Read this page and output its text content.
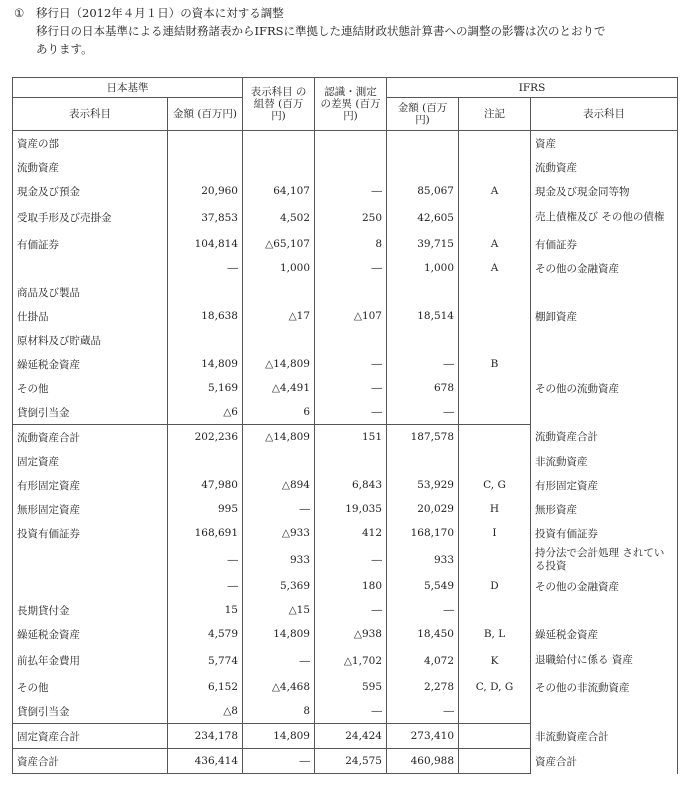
① 移行日（2012年４月１日）の資本に対する調整
移行日の日本基準による連結財務諸表からIFRSに準拠した連結財政状態計算書への調整の影響は次のとおりで
あります。
日本基準		表示科目 の組替 (百万円)	認識・測定 の差異 (百万円)	IFRS		
表示科目	金額 (百万円)			金額 (百万円)	注記	表示科目
資産の部						資産
流動資産						流動資産
現金及び預金	20,960	64,107	―	85,067	A	現金及び現金同等物
受取手形及び売掛金	37,853	4,502	250	42,605		売上債権及び その他の債権
有価証券	104,814	△65,107	8	39,715	A	有価証券
	―	1,000	―	1,000	A	その他の金融資産
商品及び製品						
仕掛品	18,638	△17	△107	18,514		棚卸資産
原材料及び貯蔵品						
繰延税金資産	14,809	△14,809	―	―	B	
その他	5,169	△4,491	―	678		その他の流動資産
貸倒引当金	△6	6	―	―		
流動資産合計	202,236	△14,809	151	187,578		流動資産合計
固定資産						非流動資産
有形固定資産	47,980	△894	6,843	53,929	C, G	有形固定資産
無形固定資産	995	―	19,035	20,029	H	無形資産
投資有価証券	168,691	△933	412	168,170	I	投資有価証券
	―	933	―	933		持分法で会計処理 されている投資
	―	5,369	180	5,549	D	その他の金融資産
長期貸付金	15	△15	―	―		
繰延税金資産	4,579	14,809	△938	18,450	B, L	繰延税金資産
前払年金費用	5,774	―	△1,702	4,072	K	退職給付に係る 資産
その他	6,152	△4,468	595	2,278	C, D, G	その他の非流動資産
貸倒引当金	△8	8	―	―		
固定資産合計	234,178	14,809	24,424	273,410		非流動資産合計
資産合計	436,414	―	24,575	460,988		資産合計
